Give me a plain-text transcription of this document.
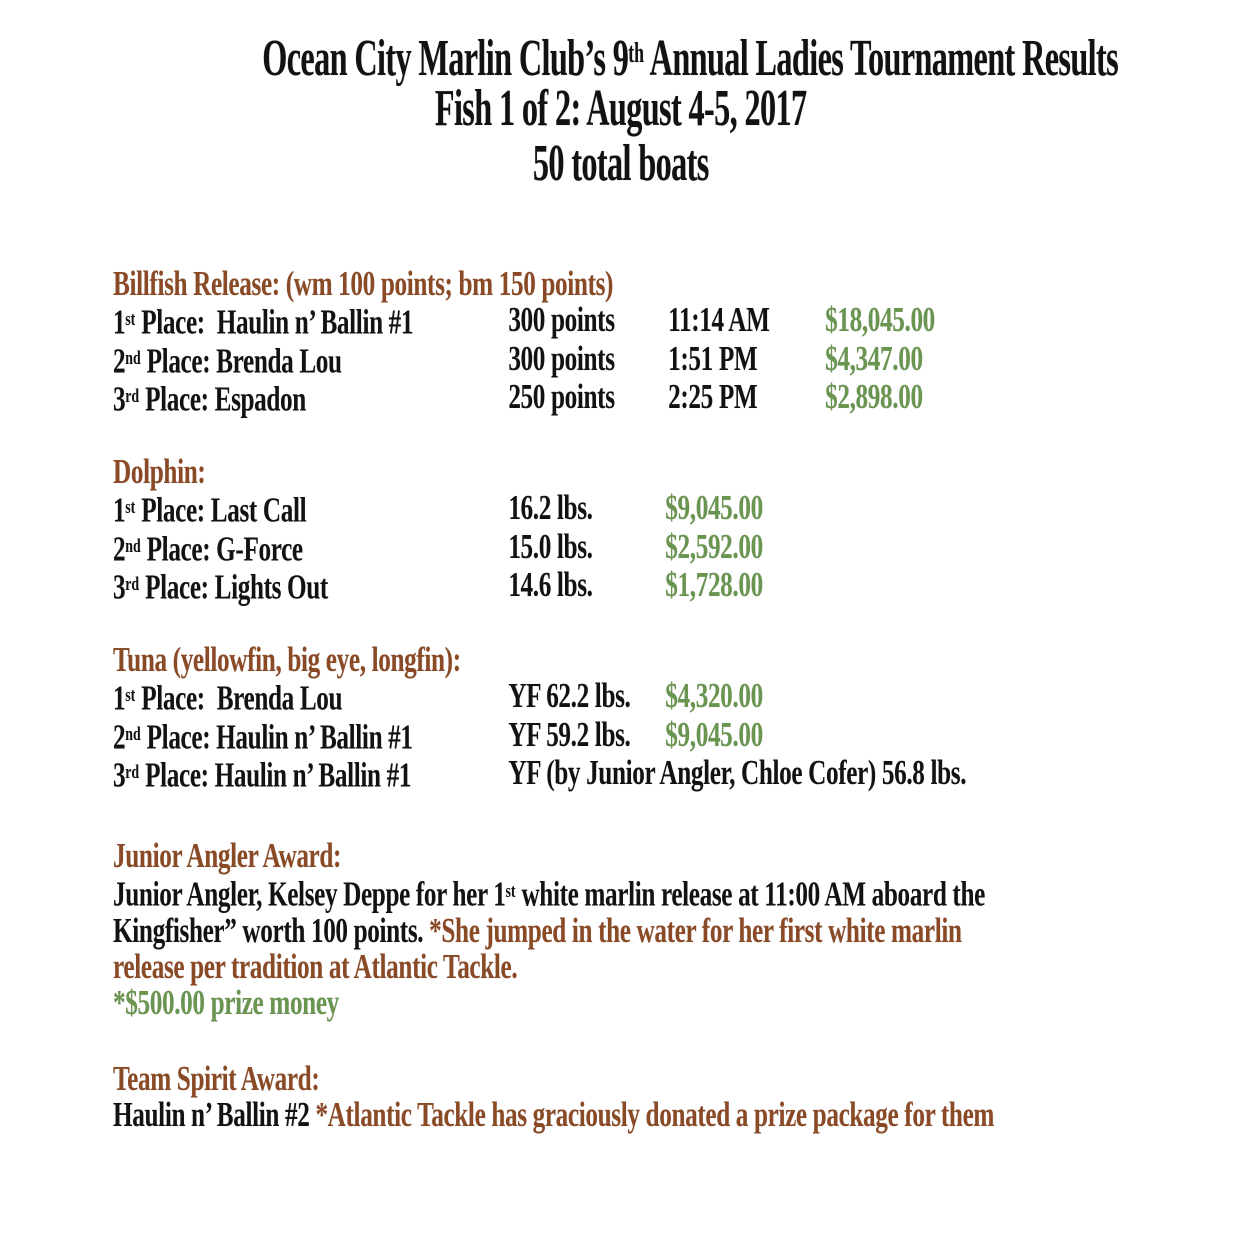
Ocean City Marlin Club’s 9th Annual Ladies Tournament Results
Fish 1 of 2: August 4-5, 2017
50 total boats
Billfish Release: (wm 100 points; bm 150 points)
1st Place:  Haulin n’ Ballin #1	300 points	11:14 AM	$18,045.00
2nd Place: Brenda Lou	300 points	1:51 PM	$4,347.00
3rd Place: Espadon	250 points	2:25 PM	$2,898.00
Dolphin:
1st Place: Last Call	16.2 lbs.	$9,045.00
2nd Place: G-Force	15.0 lbs.	$2,592.00
3rd Place: Lights Out	14.6 lbs.	$1,728.00
Tuna (yellowfin, big eye, longfin):
1st Place:  Brenda Lou	YF 62.2 lbs. $4,320.00
2nd Place: Haulin n’ Ballin #1	YF 59.2 lbs. $9,045.00
3rd Place: Haulin n’ Ballin #1	YF (by Junior Angler, Chloe Cofer) 56.8 lbs.
Junior Angler Award:
Junior Angler, Kelsey Deppe for her 1st white marlin release at 11:00 AM aboard the
Kingfisher” worth 100 points. *She jumped in the water for her first white marlin
release per tradition at Atlantic Tackle.
*$500.00 prize money
Team Spirit Award:
Haulin n’ Ballin #2 *Atlantic Tackle has graciously donated a prize package for them
